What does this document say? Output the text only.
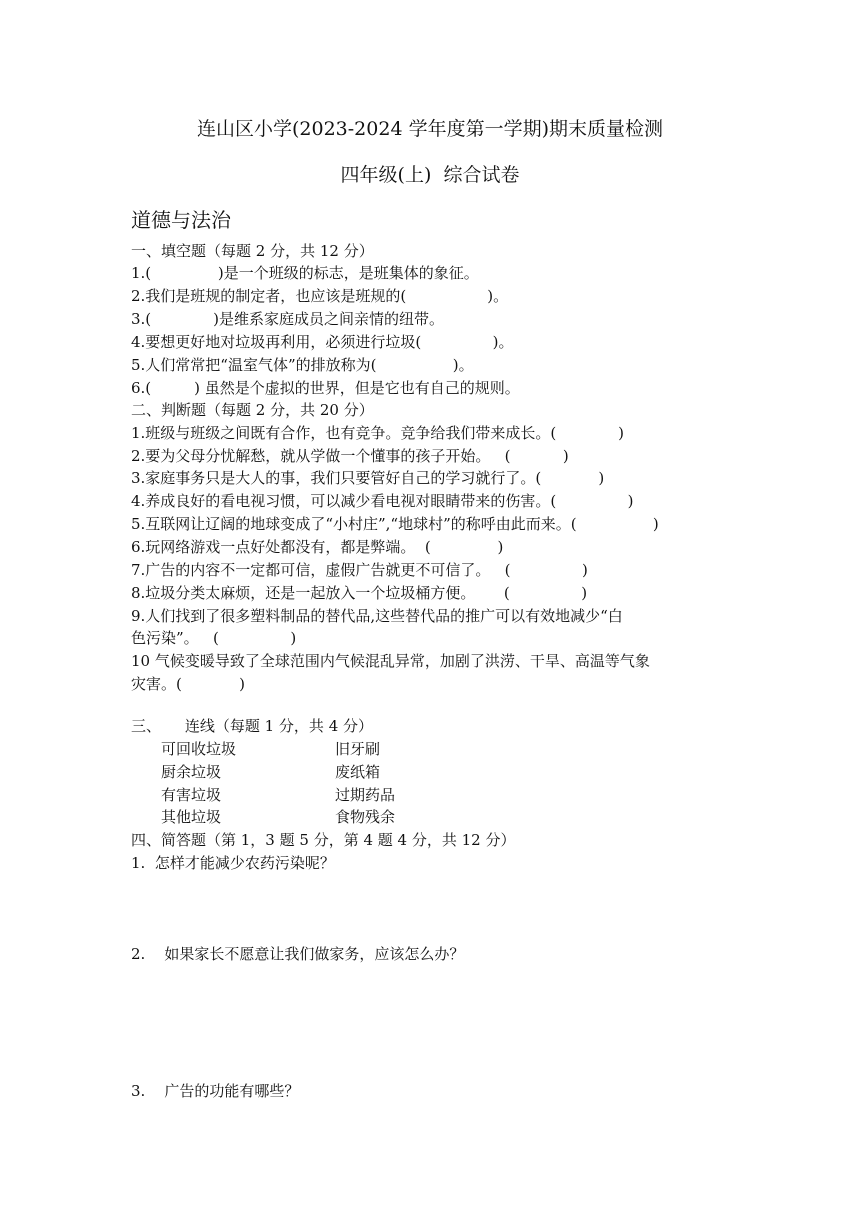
连山区小学(2023-2024 学年度第一学期)期末质量检测
四年级(上)  综合试卷
道德与法治
一、填空题（每题 2 分，共 12 分）
1.(              )是一个班级的标志，是班集体的象征。
2.我们是班规的制定者，也应该是班规的(                 )。
3.(             )是维系家庭成员之间亲情的纽带。
4.要想更好地对垃圾再利用，必须进行垃圾(               )。
5.人们常常把“温室气体”的排放称为(                )。
6.(         ) 虽然是个虚拟的世界，但是它也有自己的规则。
二、判断题（每题 2 分，共 20 分）
1.班级与班级之间既有合作，也有竞争。竞争给我们带来成长。(             )
2.要为父母分忧解愁，就从学做一个懂事的孩子开始。   (           )
3.家庭事务只是大人的事，我们只要管好自己的学习就行了。(            )
4.养成良好的看电视习惯，可以减少看电视对眼睛带来的伤害。(               )
5.互联网让辽阔的地球变成了“小村庄”,“地球村”的称呼由此而来。(                )
6.玩网络游戏一点好处都没有，都是弊端。  (              )
7.广告的内容不一定都可信，虚假广告就更不可信了。   (               )
8.垃圾分类太麻烦，还是一起放入一个垃圾桶方便。      (               )
9.人们找到了很多塑料制品的替代品,这些替代品的推广可以有效地减少“白
色污染”。   (               )
10 气候变暖导致了全球范围内气候混乱异常，加剧了洪涝、干旱、高温等气象
灾害。(            )
三、     连线（每题 1 分，共 4 分）
可回收垃圾	旧牙刷
厨余垃圾	废纸箱
有害垃圾	过期药品
其他垃圾	食物残余
四、简答题（第 1，3 题 5 分，第 4 题 4 分，共 12 分）
1.  怎样才能减少农药污染呢？
2.    如果家长不愿意让我们做家务，应该怎么办？
3.    广告的功能有哪些？
